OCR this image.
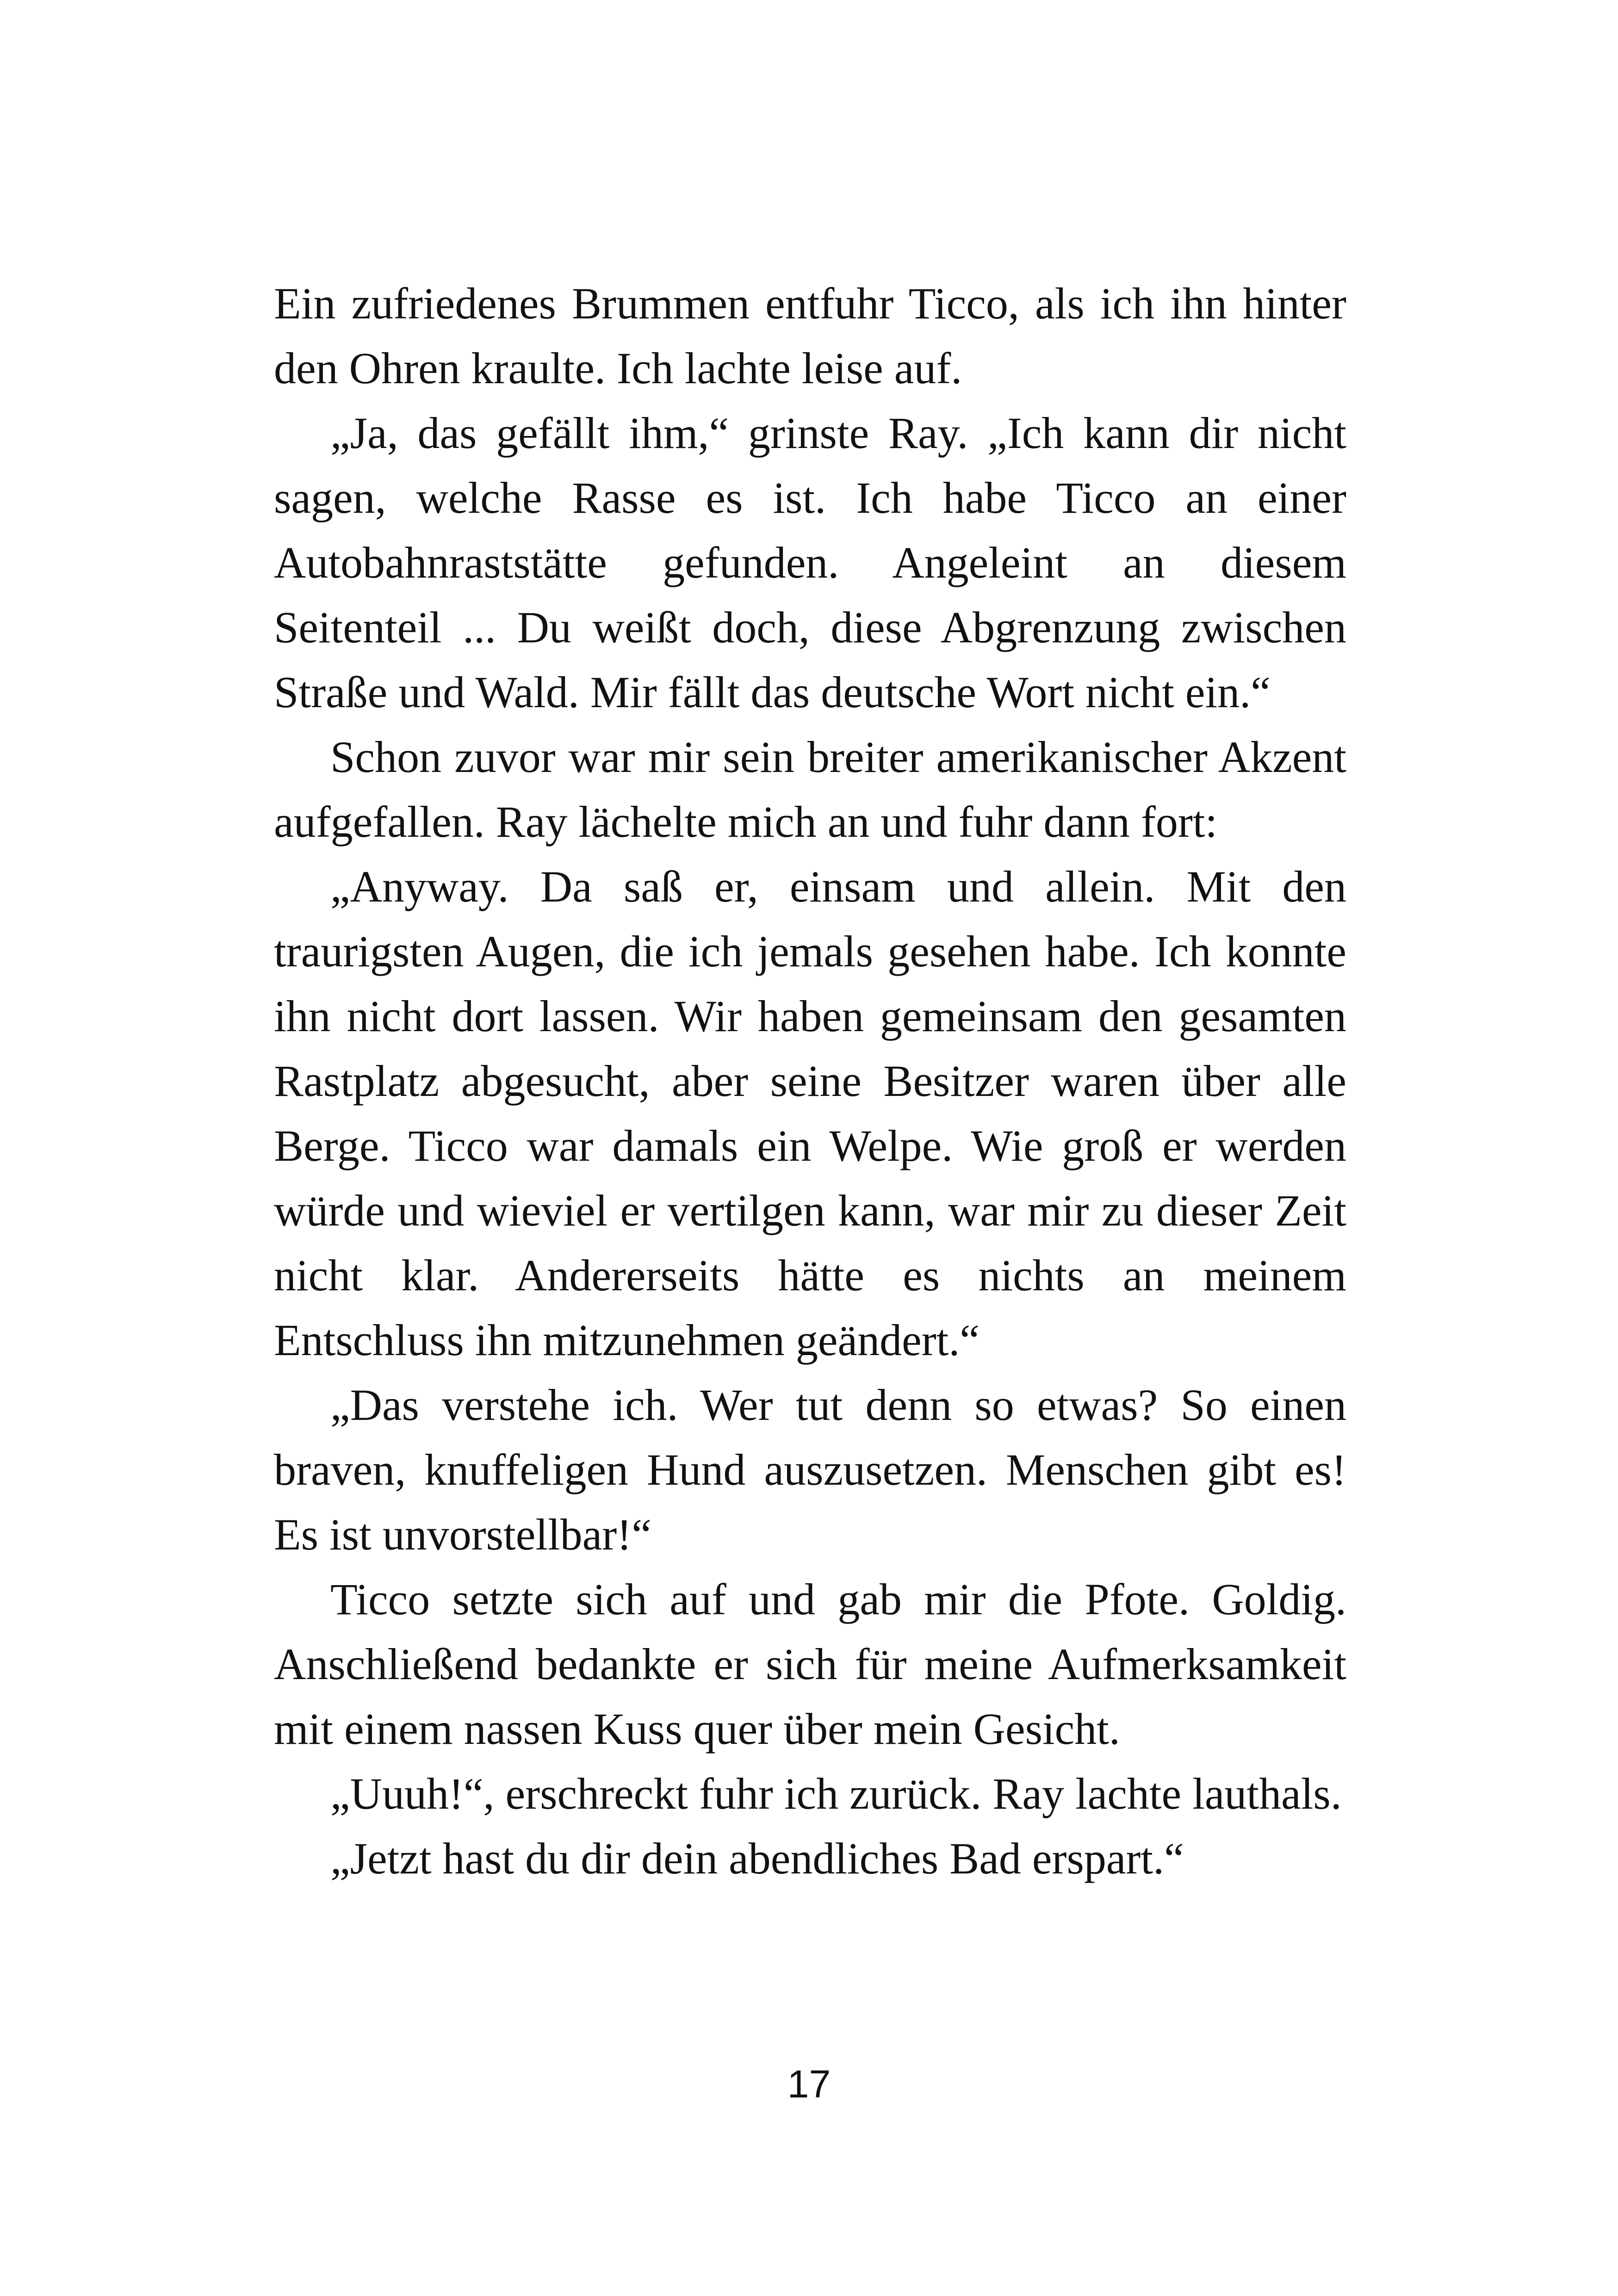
Ein zufriedenes Brummen entfuhr Ticco, als ich ihn hinter den Ohren kraulte. Ich lachte leise auf.

„Ja, das gefällt ihm,“ grinste Ray. „Ich kann dir nicht sagen, welche Rasse es ist. Ich habe Ticco an einer Autobahnraststätte gefunden. Angeleint an diesem Seitenteil ... Du weißt doch, diese Abgrenzung zwischen Straße und Wald. Mir fällt das deutsche Wort nicht ein.“

Schon zuvor war mir sein breiter amerikanischer Akzent aufgefallen. Ray lächelte mich an und fuhr dann fort:

„Anyway. Da saß er, einsam und allein. Mit den traurigsten Augen, die ich jemals gesehen habe. Ich konnte ihn nicht dort lassen. Wir haben gemeinsam den gesamten Rastplatz abgesucht, aber seine Besitzer waren über alle Berge. Ticco war damals ein Welpe. Wie groß er werden würde und wieviel er vertilgen kann, war mir zu dieser Zeit nicht klar. Andererseits hätte es nichts an meinem Entschluss ihn mitzunehmen geändert.“

„Das verstehe ich. Wer tut denn so etwas? So einen braven, knuffeligen Hund auszusetzen. Menschen gibt es! Es ist unvorstellbar!“

Ticco setzte sich auf und gab mir die Pfote. Goldig. Anschließend bedankte er sich für meine Aufmerksamkeit mit einem nassen Kuss quer über mein Gesicht.

„Uuuh!“, erschreckt fuhr ich zurück. Ray lachte lauthals.

„Jetzt hast du dir dein abendliches Bad erspart.“

17
